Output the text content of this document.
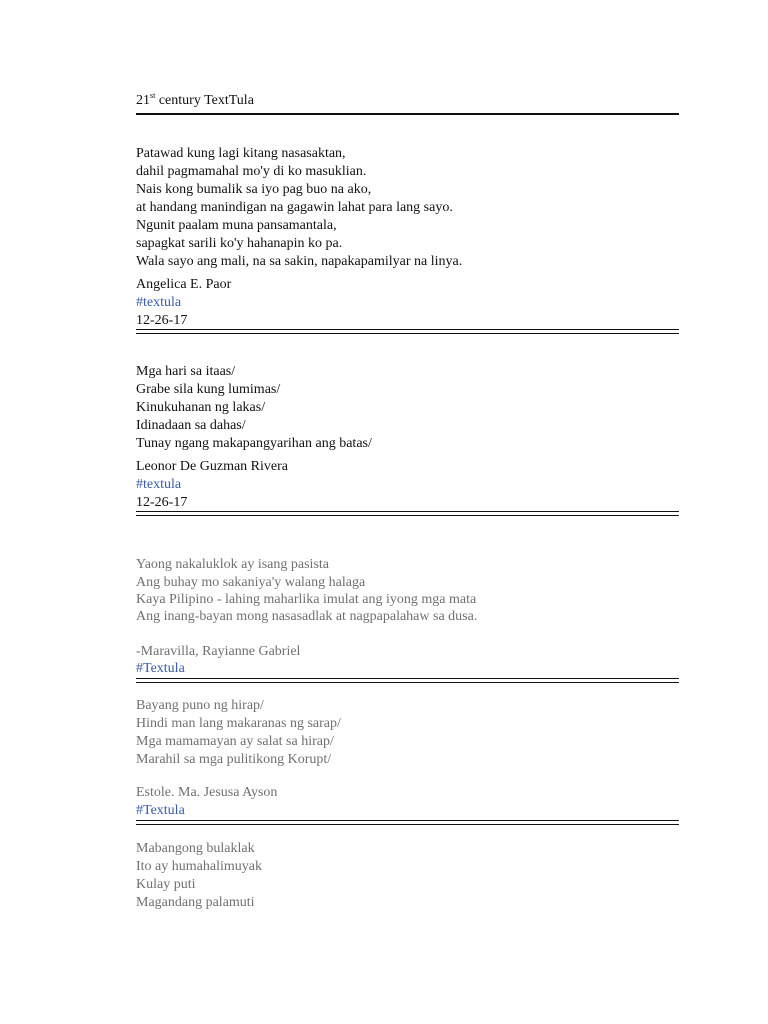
21st century TextTula
Patawad kung lagi kitang nasasaktan,
dahil pagmamahal mo'y di ko masuklian.
Nais kong bumalik sa iyo pag buo na ako,
at handang manindigan na gagawin lahat para lang sayo.
Ngunit paalam muna pansamantala,
sapagkat sarili ko'y hahanapin ko pa.
Wala sayo ang mali, na sa sakin, napakapamilyar na linya.
Angelica E. Paor
#textula
12-26-17
Mga hari sa itaas/
Grabe sila kung lumimas/
Kinukuhanan ng lakas/
Idinadaan sa dahas/
Tunay ngang makapangyarihan ang batas/
Leonor De Guzman Rivera
#textula
12-26-17
Yaong nakaluklok ay isang pasista
Ang buhay mo sakaniya'y walang halaga
Kaya Pilipino - lahing maharlika imulat ang iyong mga mata
Ang inang-bayan mong nasasadlak at nagpapalahaw sa dusa.
-Maravilla, Rayianne Gabriel
#Textula
Bayang puno ng hirap/
Hindi man lang makaranas ng sarap/
Mga mamamayan ay salat sa hirap/
Marahil sa mga pulitikong Korupt/
Estole. Ma. Jesusa Ayson
#Textula
Mabangong bulaklak
Ito ay humahalimuyak
Kulay puti
Magandang palamuti
